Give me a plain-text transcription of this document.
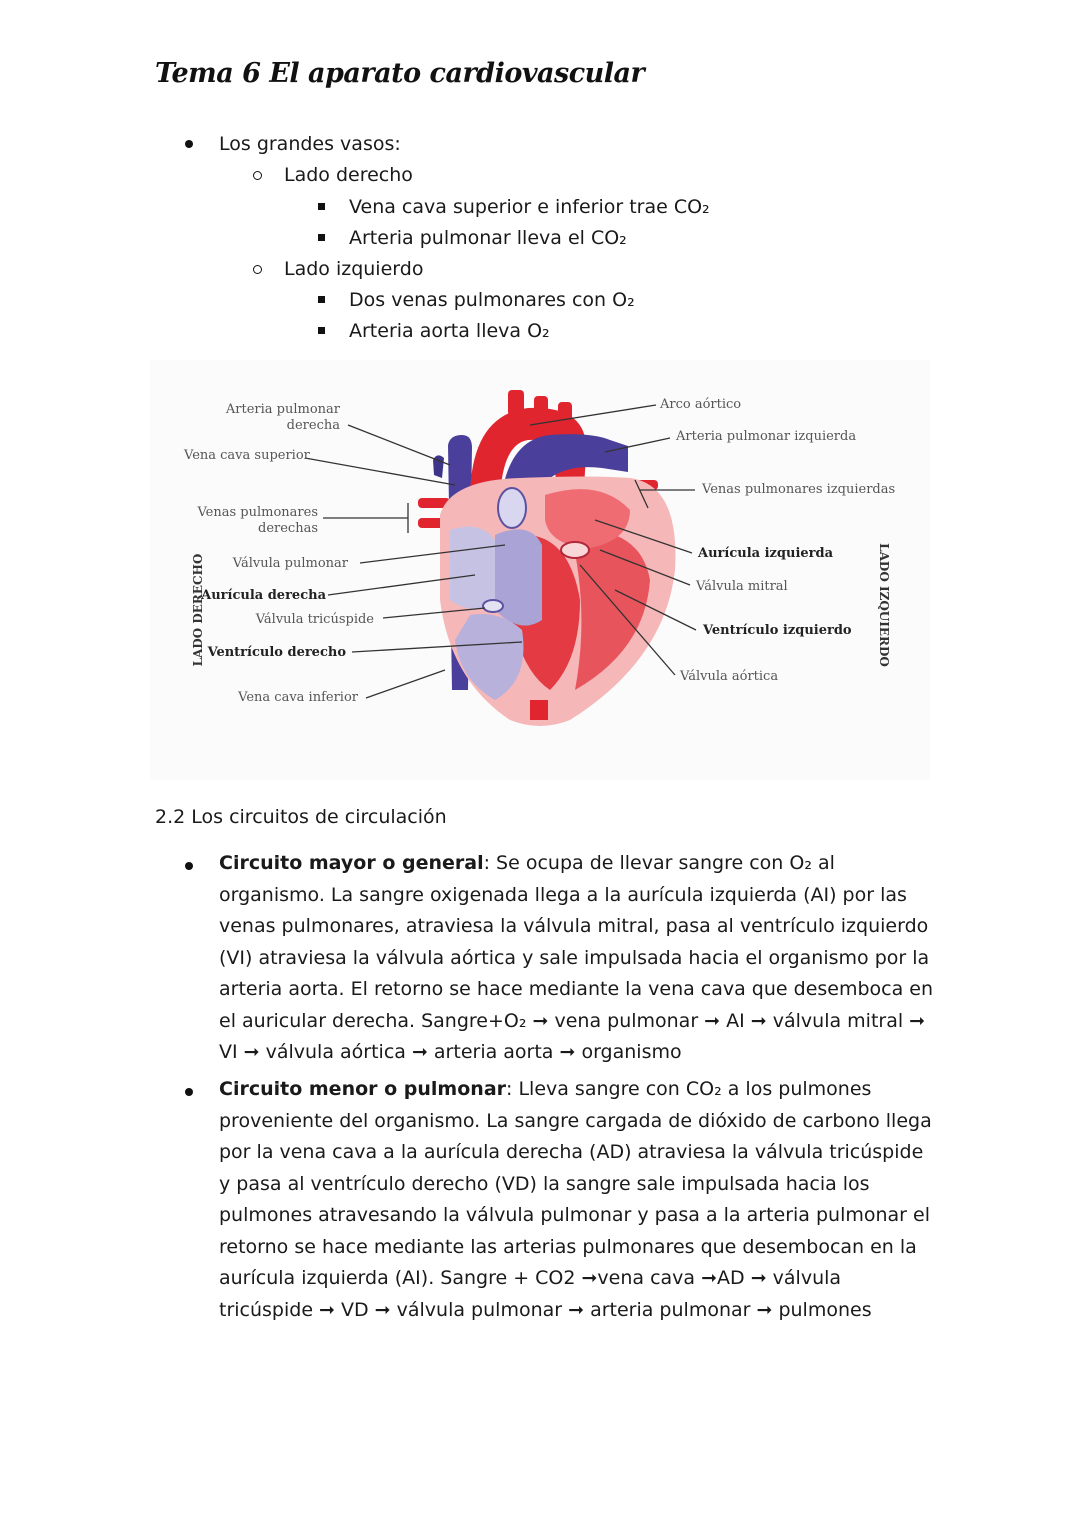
Tema 6 El aparato cardiovascular
Los grandes vasos:
Lado derecho
Vena cava superior e inferior trae CO₂
Arteria pulmonar lleva el CO₂
Lado izquierdo
Dos venas pulmonares con O₂
Arteria aorta lleva O₂
Arteria pulmonar
derecha
Vena cava superior
Venas pulmonares
derechas
Válvula pulmonar
Aurícula derecha
Válvula tricúspide
Ventrículo derecho
Vena cava inferior
Arco aórtico
Arteria pulmonar izquierda
Venas pulmonares izquierdas
Aurícula izquierda
Válvula mitral
Ventrículo izquierdo
Válvula aórtica
LADO DERECHO	LADO IZQUIERDO
2.2 Los circuitos de circulación
Circuito mayor o general: Se ocupa de llevar sangre con O₂ al organismo. La sangre oxigenada llega a la aurícula izquierda (AI) por las venas pulmonares, atraviesa la válvula mitral, pasa al ventrículo izquierdo (VI) atraviesa la válvula aórtica y sale impulsada hacia el organismo por la arteria aorta. El retorno se hace mediante la vena cava que desemboca en el auricular derecha. Sangre+O₂ ➞ vena pulmonar ➞ AI ➞ válvula mitral ➞ VI ➞ válvula aórtica ➞ arteria aorta ➞ organismo
Circuito menor o pulmonar: Lleva sangre con CO₂ a los pulmones proveniente del organismo. La sangre cargada de dióxido de carbono llega por la vena cava a la aurícula derecha (AD) atraviesa la válvula tricúspide y pasa al ventrículo derecho (VD) la sangre sale impulsada hacia los pulmones atravesando la válvula pulmonar y pasa a la arteria pulmonar el retorno se hace mediante las arterias pulmonares que desembocan en la aurícula izquierda (AI). Sangre + CO2 ➞vena cava ➞AD ➞ válvula tricúspide ➞ VD ➞ válvula pulmonar ➞ arteria pulmonar ➞ pulmones
